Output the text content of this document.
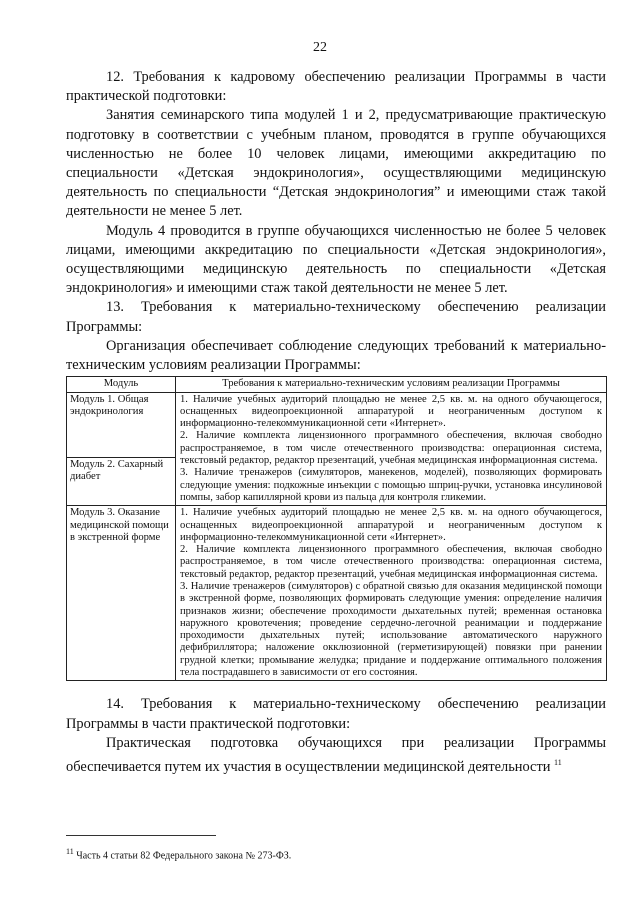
22

12. Требования к кадровому обеспечению реализации Программы в части практической подготовки:

Занятия семинарского типа модулей 1 и 2, предусматривающие практическую подготовку в соответствии с учебным планом, проводятся в группе обучающихся численностью не более 10 человек лицами, имеющими аккредитацию по специальности «Детская эндокринология», осуществляющими медицинскую деятельность по специальности “Детская эндокринология” и имеющими стаж такой деятельности не менее 5 лет.

Модуль 4 проводится в группе обучающихся численностью не более 5 человек лицами, имеющими аккредитацию по специальности «Детская эндокринология», осуществляющими медицинскую деятельность по специальности «Детская эндокринология» и имеющими стаж такой деятельности не менее 5 лет.

13. Требования к материально-техническому обеспечению реализации Программы:

Организация обеспечивает соблюдение следующих требований к материально-техническим условиям реализации Программы:

Модуль	Требования к материально-техническим условиям реализации Программы
Модуль 1. Общая эндокринология	1. Наличие учебных аудиторий площадью не менее 2,5 кв. м. на одного обучающегося, оснащенных видеопроекционной аппаратурой и неограниченным доступом к информационно-телекоммуникационной сети «Интернет».

2. Наличие комплекта лицензионного программного обеспечения, включая свободно распространяемое, в том числе отечественного производства: операционная система, текстовый редактор, редактор презентаций, учебная медицинская информационная система.

3. Наличие тренажеров (симуляторов, манекенов, моделей), позволяющих формировать следующие умения: подкожные инъекции с помощью шприц-ручки, установка инсулиновой помпы, забор капиллярной крови из пальца для контроля гликемии.

Модуль 2. Сахарный диабет	
Модуль 3. Оказание медицинской помощи в экстренной форме	1. Наличие учебных аудиторий площадью не менее 2,5 кв. м. на одного обучающегося, оснащенных видеопроекционной аппаратурой и неограниченным доступом к информационно-телекоммуникационной сети «Интернет».

2. Наличие комплекта лицензионного программного обеспечения, включая свободно распространяемое, в том числе отечественного производства: операционная система, текстовый редактор, редактор презентаций, учебная медицинская информационная система.

3. Наличие тренажеров (симуляторов) с обратной связью для оказания медицинской помощи в экстренной форме, позволяющих формировать следующие умения: определение наличия признаков жизни; обеспечение проходимости дыхательных путей; временная остановка наружного кровотечения; проведение сердечно-легочной реанимации и поддержание проходимости дыхательных путей; использование автоматического наружного дефибриллятора; наложение окклюзионной (герметизирующей) повязки при ранении грудной клетки; промывание желудка; придание и поддержание оптимального положения тела пострадавшего в зависимости от его состояния.

14. Требования к материально-техническому обеспечению реализации Программы в части практической подготовки:

Практическая подготовка обучающихся при реализации Программы обеспечивается путем их участия в осуществлении медицинской деятельности $^{11}$

$^{11}$ Часть 4 статьи 82 Федерального закона № 273-ФЗ.
